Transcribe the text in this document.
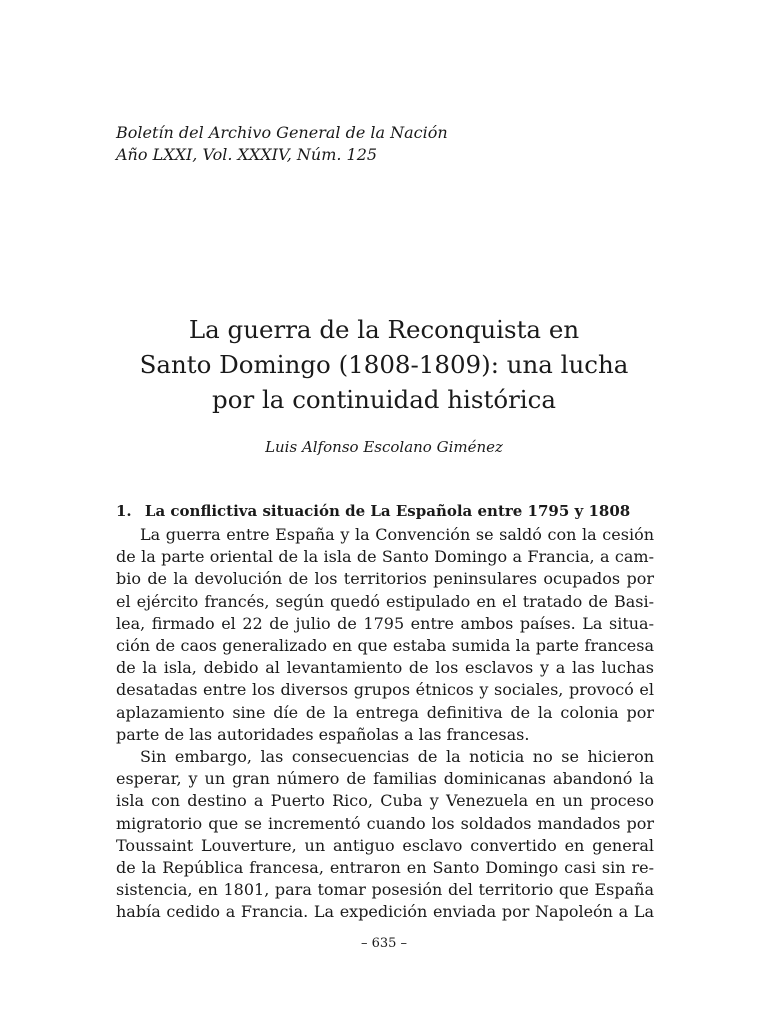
Boletín del Archivo General de la Nación
Año LXXI, Vol. XXXIV, Núm. 125
La guerra de la Reconquista en
Santo Domingo (1808-1809): una lucha
por la continuidad histórica
Luis Alfonso Escolano Giménez
1. La conflictiva situación de La Española entre 1795 y 1808
La guerra entre España y la Convención se saldó con la cesión
de la parte oriental de la isla de Santo Domingo a Francia, a cam-
bio de la devolución de los territorios peninsulares ocupados por
el ejército francés, según quedó estipulado en el tratado de Basi-
lea, firmado el 22 de julio de 1795 entre ambos países. La situa-
ción de caos generalizado en que estaba sumida la parte francesa
de la isla, debido al levantamiento de los esclavos y a las luchas
desatadas entre los diversos grupos étnicos y sociales, provocó el
aplazamiento sine díe de la entrega definitiva de la colonia por
parte de las autoridades españolas a las francesas.
Sin embargo, las consecuencias de la noticia no se hicieron
esperar, y un gran número de familias dominicanas abandonó la
isla con destino a Puerto Rico, Cuba y Venezuela en un proceso
migratorio que se incrementó cuando los soldados mandados por
Toussaint Louverture, un antiguo esclavo convertido en general
de la República francesa, entraron en Santo Domingo casi sin re-
sistencia, en 1801, para tomar posesión del territorio que España
había cedido a Francia. La expedición enviada por Napoleón a La
– 635 –
